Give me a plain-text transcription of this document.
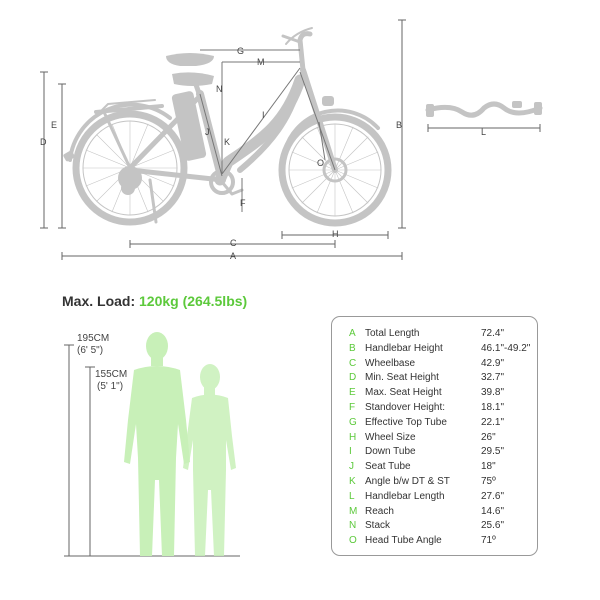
G
M
N
I
J
K
O
E
D
B
F
H
C
A
L
Max. Load: 120kg (264.5lbs)
195CM
(6' 5")
155CM
(5' 1")
A Total Length	72.4"
B Handlebar Height	46.1"-49.2"
C Wheelbase	42.9"
D Min. Seat Height	32.7"
E Max. Seat Height	39.8"
F Standover Height:	18.1"
G Effective Top Tube	22.1"
H Wheel Size	26"
I Down Tube	29.5"
J Seat Tube	18"
K Angle b/w DT & ST	75º
L Handlebar Length	27.6"
M Reach	14.6"
N Stack	25.6"
O Head Tube Angle	71º
